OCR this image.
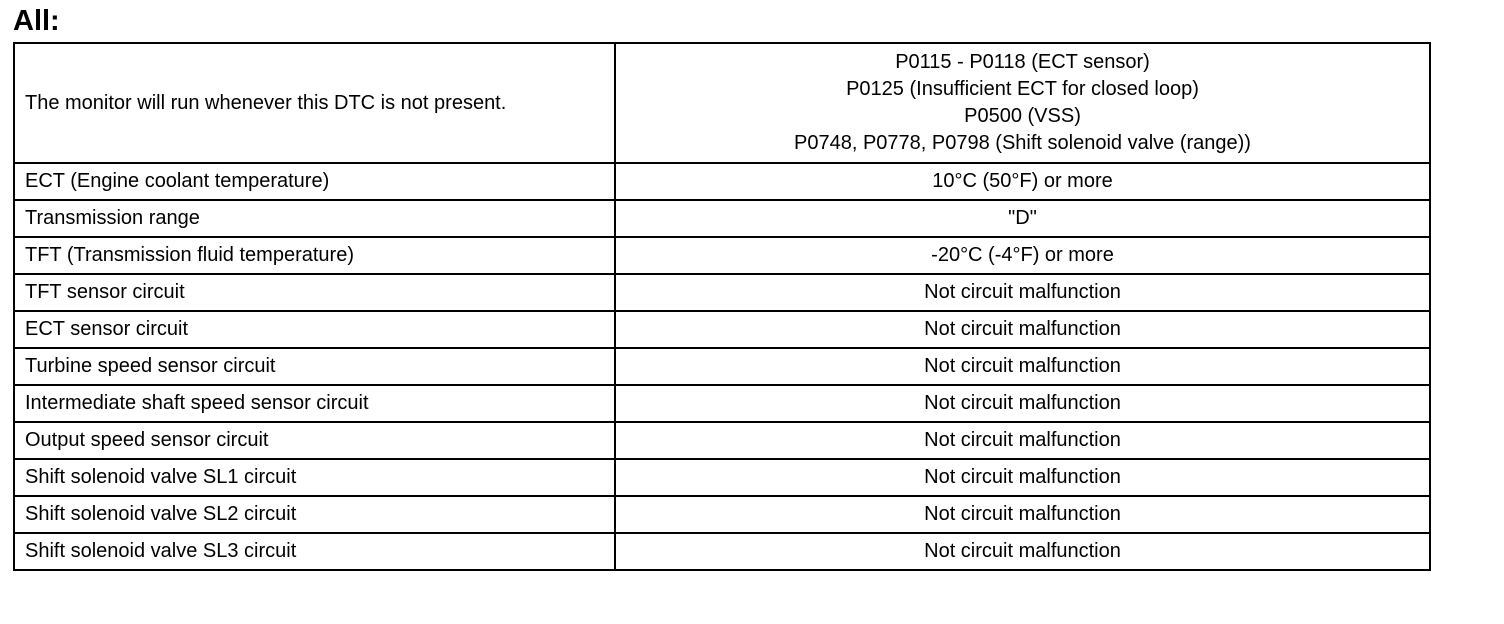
All:
The monitor will run whenever this DTC is not present.	P0115 - P0118 (ECT sensor)
P0125 (Insufficient ECT for closed loop)
P0500 (VSS)
P0748, P0778, P0798 (Shift solenoid valve (range))

ECT (Engine coolant temperature)	10°C (50°F) or more
Transmission range	"D"
TFT (Transmission fluid temperature)	-20°C (-4°F) or more
TFT sensor circuit	Not circuit malfunction
ECT sensor circuit	Not circuit malfunction
Turbine speed sensor circuit	Not circuit malfunction
Intermediate shaft speed sensor circuit	Not circuit malfunction
Output speed sensor circuit	Not circuit malfunction
Shift solenoid valve SL1 circuit	Not circuit malfunction
Shift solenoid valve SL2 circuit	Not circuit malfunction
Shift solenoid valve SL3 circuit	Not circuit malfunction
